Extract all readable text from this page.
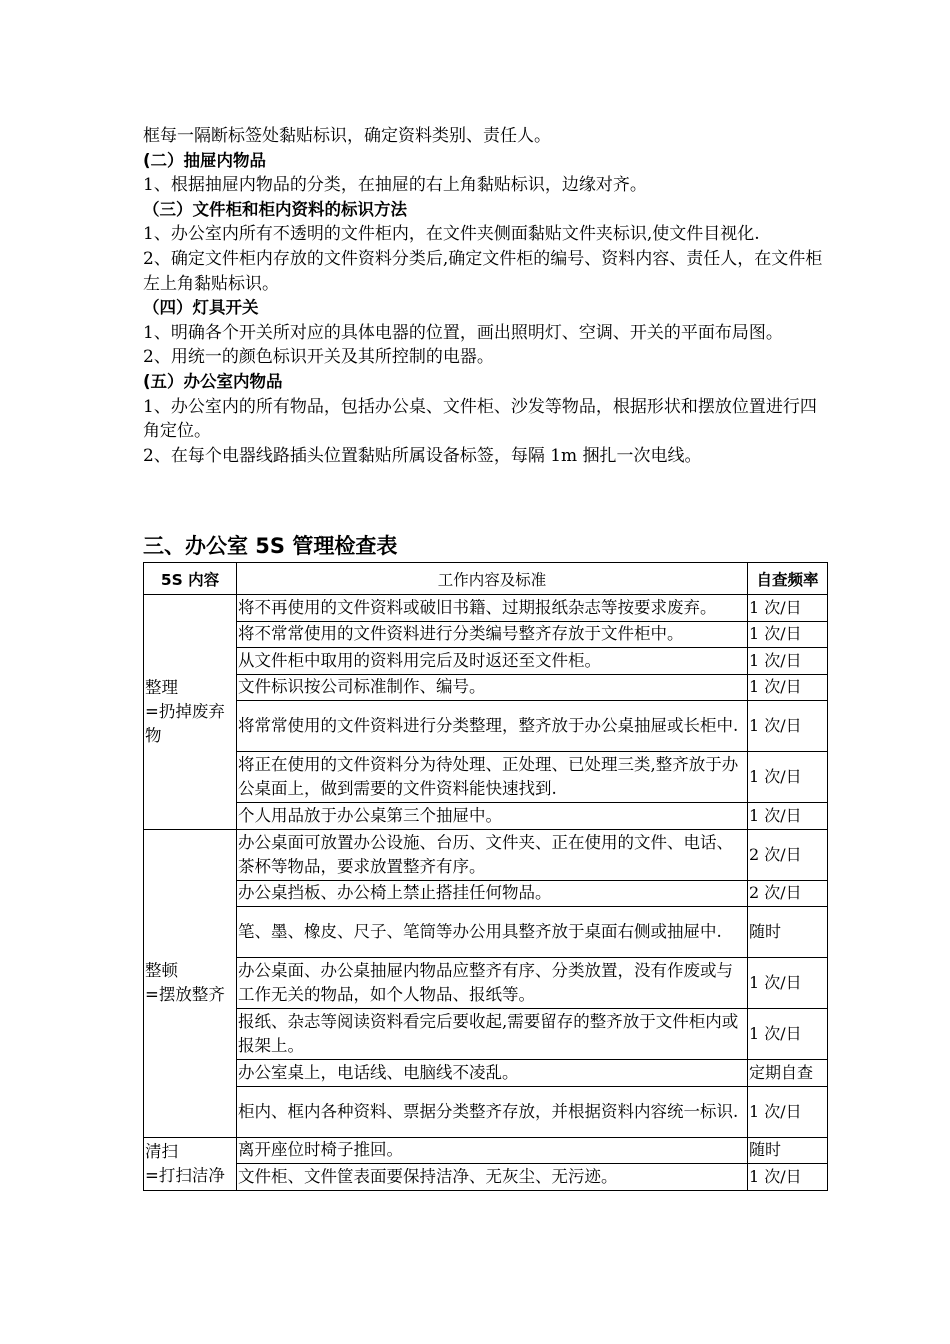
框每一隔断标签处黏贴标识，确定资料类别、责任人。

(二）抽屉内物品

1、根据抽屉内物品的分类，在抽屉的右上角黏贴标识，边缘对齐。

（三）文件柜和柜内资料的标识方法

1、办公室内所有不透明的文件柜内，在文件夹侧面黏贴文件夹标识,使文件目视化.

2、确定文件柜内存放的文件资料分类后,确定文件柜的编号、资料内容、责任人，在文件柜左上角黏贴标识。

（四）灯具开关

1、明确各个开关所对应的具体电器的位置，画出照明灯、空调、开关的平面布局图。

2、用统一的颜色标识开关及其所控制的电器。

(五）办公室内物品

1、办公室内的所有物品，包括办公桌、文件柜、沙发等物品，根据形状和摆放位置进行四角定位。

2、在每个电器线路插头位置黏贴所属设备标签，每隔 1m 捆扎一次电线。

三、办公室 5S 管理检查表
5S 内容	工作内容及标准	自查频率
整理
=扔掉废弃物	将不再使用的文件资料或破旧书籍、过期报纸杂志等按要求废弃。	1 次/日
	将不常常使用的文件资料进行分类编号整齐存放于文件柜中。	1 次/日
	从文件柜中取用的资料用完后及时返还至文件柜。	1 次/日
	文件标识按公司标准制作、编号。	1 次/日
	将常常使用的文件资料进行分类整理，整齐放于办公桌抽屉或长柜中.	1 次/日
	将正在使用的文件资料分为待处理、正处理、已处理三类,整齐放于办公桌面上，做到需要的文件资料能快速找到.	1 次/日
	个人用品放于办公桌第三个抽屉中。	1 次/日
整顿
=摆放整齐	办公桌面可放置办公设施、台历、文件夹、正在使用的文件、电话、茶杯等物品，要求放置整齐有序。	2 次/日
	办公桌挡板、办公椅上禁止搭挂任何物品。	2 次/日
	笔、墨、橡皮、尺子、笔筒等办公用具整齐放于桌面右侧或抽屉中.	随时
	办公桌面、办公桌抽屉内物品应整齐有序、分类放置，没有作废或与工作无关的物品，如个人物品、报纸等。	1 次/日
	报纸、杂志等阅读资料看完后要收起,需要留存的整齐放于文件柜内或报架上。	1 次/日
	办公室桌上，电话线、电脑线不凌乱。	定期自查
	柜内、框内各种资料、票据分类整齐存放，并根据资料内容统一标识.	1 次/日
清扫
=打扫洁净	离开座位时椅子推回。	随时
	文件柜、文件筐表面要保持洁净、无灰尘、无污迹。	1 次/日
